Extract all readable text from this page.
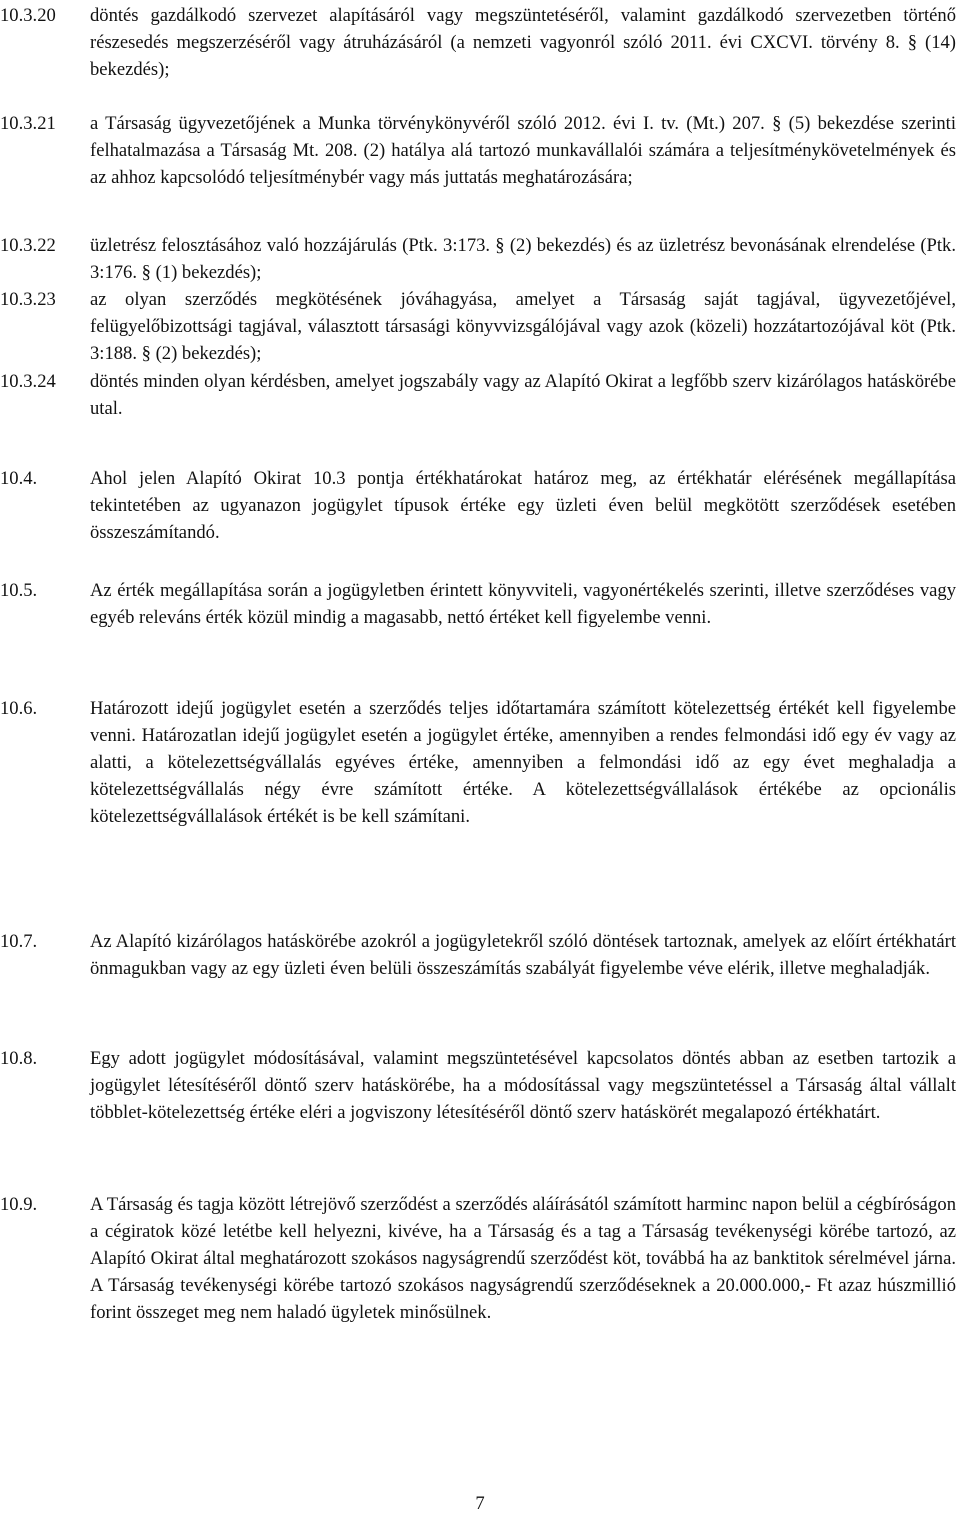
10.3.20	döntés gazdálkodó szervezet alapításáról vagy megszüntetéséről, valamint gazdálkodó szervezetben történő részesedés megszerzéséről vagy átruházásáról (a nemzeti vagyonról szóló 2011. évi CXCVI. törvény 8. § (14) bekezdés);
10.3.21	a Társaság ügyvezetőjének a Munka törvénykönyvéről szóló 2012. évi I. tv. (Mt.) 207. § (5) bekezdése szerinti felhatalmazása a Társaság Mt. 208. (2) hatálya alá tartozó munkavállalói számára a teljesítménykövetelmények és az ahhoz kapcsolódó teljesítménybér vagy más juttatás meghatározására;
10.3.22	üzletrész felosztásához való hozzájárulás (Ptk. 3:173. § (2) bekezdés) és az üzletrész bevonásának elrendelése (Ptk. 3:176. § (1) bekezdés);
10.3.23	az olyan szerződés megkötésének jóváhagyása, amelyet a Társaság saját tagjával, ügyvezetőjével, felügyelőbizottsági tagjával, választott társasági könyvvizsgálójával vagy azok (közeli) hozzátartozójával köt (Ptk. 3:188. § (2) bekezdés);
10.3.24	döntés minden olyan kérdésben, amelyet jogszabály vagy az Alapító Okirat a legfőbb szerv kizárólagos hatáskörébe utal.
10.4.	Ahol jelen Alapító Okirat 10.3 pontja értékhatárokat határoz meg, az értékhatár elérésének megállapítása tekintetében az ugyanazon jogügylet típusok értéke egy üzleti éven belül megkötött szerződések esetében összeszámítandó.
10.5.	Az érték megállapítása során a jogügyletben érintett könyvviteli, vagyonértékelés szerinti, illetve szerződéses vagy egyéb releváns érték közül mindig a magasabb, nettó értéket kell figyelembe venni.
10.6.	Határozott idejű jogügylet esetén a szerződés teljes időtartamára számított kötelezettség értékét kell figyelembe venni. Határozatlan idejű jogügylet esetén a jogügylet értéke, amennyiben a rendes felmondási idő egy év vagy az alatti, a kötelezettségvállalás egyéves értéke, amennyiben a felmondási idő az egy évet meghaladja a kötelezettségvállalás négy évre számított értéke. A kötelezettségvállalások értékébe az opcionális kötelezettségvállalások értékét is be kell számítani.
10.7.	Az Alapító kizárólagos hatáskörébe azokról a jogügyletekről szóló döntések tartoznak, amelyek az előírt értékhatárt önmagukban vagy az egy üzleti éven belüli összeszámítás szabályát figyelembe véve elérik, illetve meghaladják.
10.8.	Egy adott jogügylet módosításával, valamint megszüntetésével kapcsolatos döntés abban az esetben tartozik a jogügylet létesítéséről döntő szerv hatáskörébe, ha a módosítással vagy megszüntetéssel a Társaság által vállalt többlet-kötelezettség értéke eléri a jogviszony létesítéséről döntő szerv hatáskörét megalapozó értékhatárt.
10.9.	A Társaság és tagja között létrejövő szerződést a szerződés aláírásától számított harminc napon belül a cégbíróságon a cégiratok közé letétbe kell helyezni, kivéve, ha a Társaság és a tag a Társaság tevékenységi körébe tartozó, az Alapító Okirat által meghatározott szokásos nagyságrendű szerződést köt, továbbá ha az banktitok sérelmével járna. A Társaság tevékenységi körébe tartozó szokásos nagyságrendű szerződéseknek a 20.000.000,- Ft azaz húszmillió forint összeget meg nem haladó ügyletek minősülnek.
7
